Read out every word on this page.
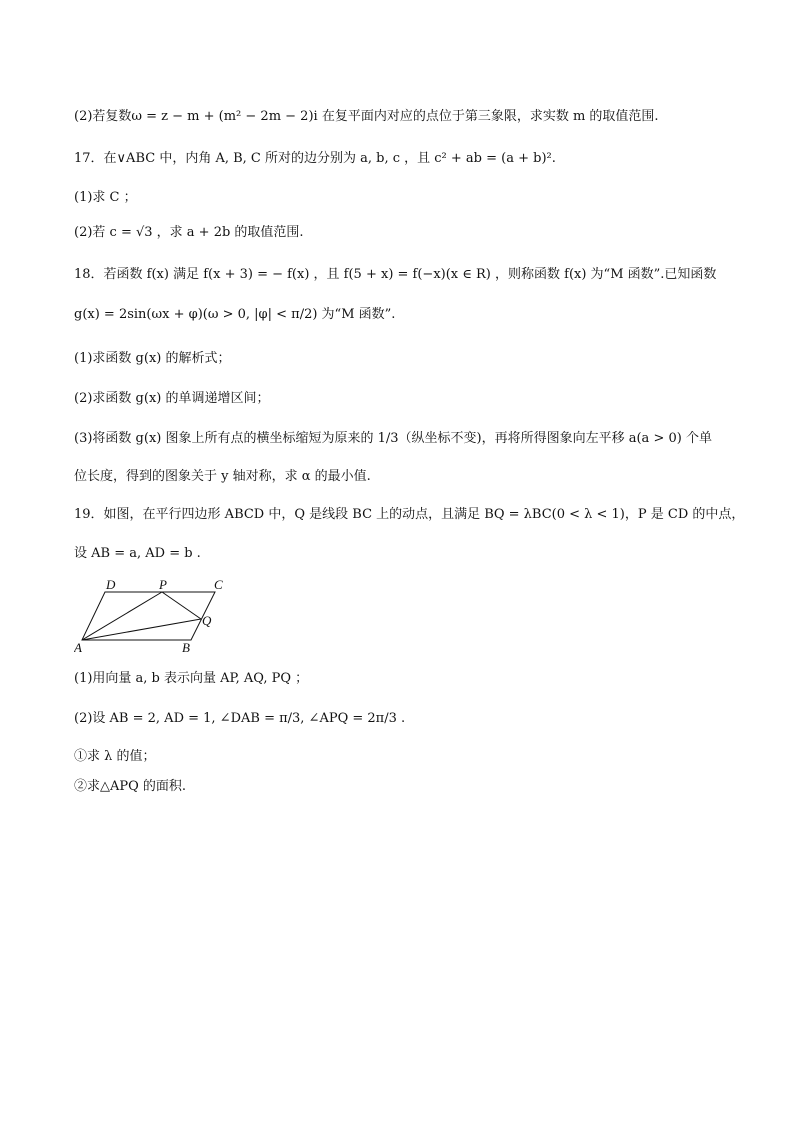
(2)若复数ω = z − m + (m² − 2m − 2)i 在复平面内对应的点位于第三象限，求实数 m 的取值范围.
17．在∨ABC 中，内角 A, B, C 所对的边分别为 a, b, c ，且 c² + ab = (a + b)².
(1)求 C ；
(2)若 c = √3 ，求 a + 2b 的取值范围.
18．若函数 f(x) 满足 f(x + 3) = − f(x) ，且 f(5 + x) = f(−x)(x ∈ R) ，则称函数 f(x) 为“M 函数”.已知函数
g(x) = 2sin(ωx + φ)(ω > 0, |φ| < π/2) 为“M 函数”.
(1)求函数 g(x) 的解析式；
(2)求函数 g(x) 的单调递增区间；
(3)将函数 g(x) 图象上所有点的横坐标缩短为原来的 1/3（纵坐标不变)，再将所得图象向左平移 a(a > 0) 个单
位长度，得到的图象关于 y 轴对称，求 α 的最小值.
19．如图，在平行四边形 ABCD 中，Q 是线段 BC 上的动点，且满足 BQ = λBC(0 < λ < 1)，P 是 CD 的中点，
设 AB = a, AD = b .
A	B
C
D	P
Q
(1)用向量 a, b 表示向量 AP, AQ, PQ ；
(2)设 AB = 2, AD = 1, ∠DAB = π/3, ∠APQ = 2π/3 .
①求 λ 的值；
②求△APQ 的面积.
